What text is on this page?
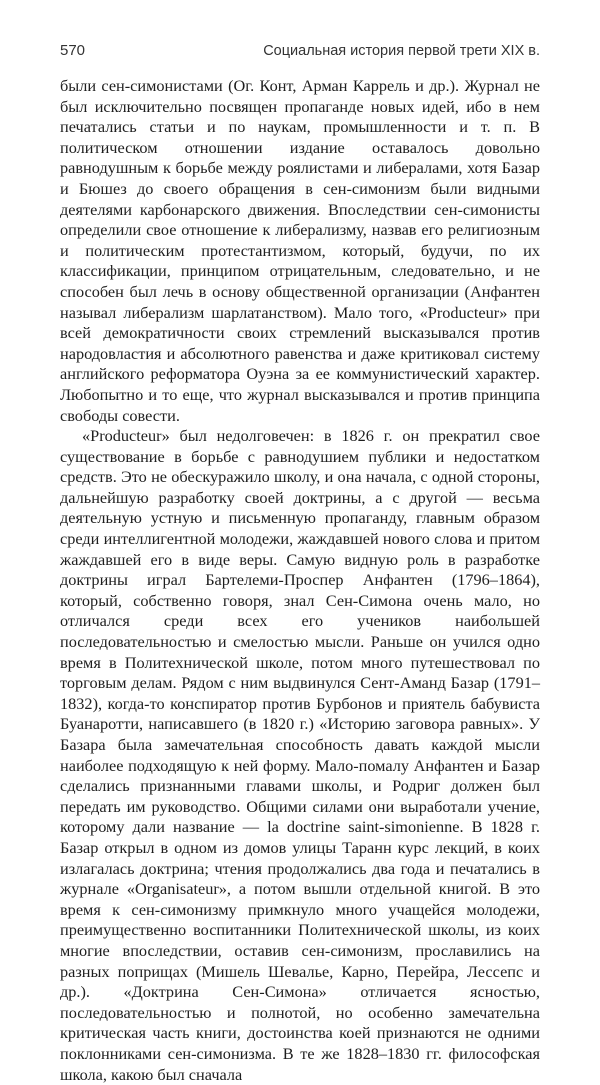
570	Социальная история первой трети XIX в.

были сен-симонистами (Ог. Конт, Арман Каррель и др.). Журнал не был исключительно посвящен пропаганде новых идей, ибо в нем печатались статьи и по наукам, промышленности и т. п. В политическом отношении издание оставалось довольно равнодушным к борьбе между роялистами и либералами, хотя Базар и Бюшез до своего обращения в сен-симонизм были видными деятелями карбонарского движения. Впоследствии сен-симонисты определили свое отношение к либерализму, назвав его религиозным и политическим протестантизмом, который, будучи, по их классификации, принципом отрицательным, следовательно, и не способен был лечь в основу общественной организации (Анфантен называл либерализм шарлатанством). Мало того, «Producteur» при всей демократичности своих стремлений высказывался против народовластия и абсолютного равенства и даже критиковал систему английского реформатора Оуэна за ее коммунистический характер. Любопытно и то еще, что журнал высказывался и против принципа свободы совести.

«Producteur» был недолговечен: в 1826 г. он прекратил свое существование в борьбе с равнодушием публики и недостатком средств. Это не обескуражило школу, и она начала, с одной стороны, дальнейшую разработку своей доктрины, а с другой — весьма деятельную устную и письменную пропаганду, главным образом среди интеллигентной молодежи, жаждавшей нового слова и притом жаждавшей его в виде веры. Самую видную роль в разработке доктрины играл Бартелеми-Проспер Анфантен (1796–1864), который, собственно говоря, знал Сен-Симона очень мало, но отличался среди всех его учеников наибольшей последовательностью и смелостью мысли. Раньше он учился одно время в Политехнической школе, потом много путешествовал по торговым делам. Рядом с ним выдвинулся Сент-Аманд Базар (1791–1832), когда-то конспиратор против Бурбонов и приятель бабувиста Буанаротти, написавшего (в 1820 г.) «Историю заговора равных». У Базара была замечательная способность давать каждой мысли наиболее подходящую к ней форму. Мало-помалу Анфантен и Базар сделались признанными главами школы, и Родриг должен был передать им руководство. Общими силами они выработали учение, которому дали название — la doctrine saint-simonienne. В 1828 г. Базар открыл в одном из домов улицы Таранн курс лекций, в коих излагалась доктрина; чтения продолжались два года и печатались в журнале «Organisateur», а потом вышли отдельной книгой. В это время к сен-симонизму примкнуло много учащейся молодежи, преимущественно воспитанники Политехнической школы, из коих многие впоследствии, оставив сен-симонизм, прославились на разных поприщах (Мишель Шевалье, Карно, Перейра, Лессепс и др.). «Доктрина Сен-Симона» отличается ясностью, последовательностью и полнотой, но особенно замечательна критическая часть книги, достоинства коей признаются не одними поклонниками сен-симонизма. В те же 1828–1830 гг. философская школа, какою был сначала
